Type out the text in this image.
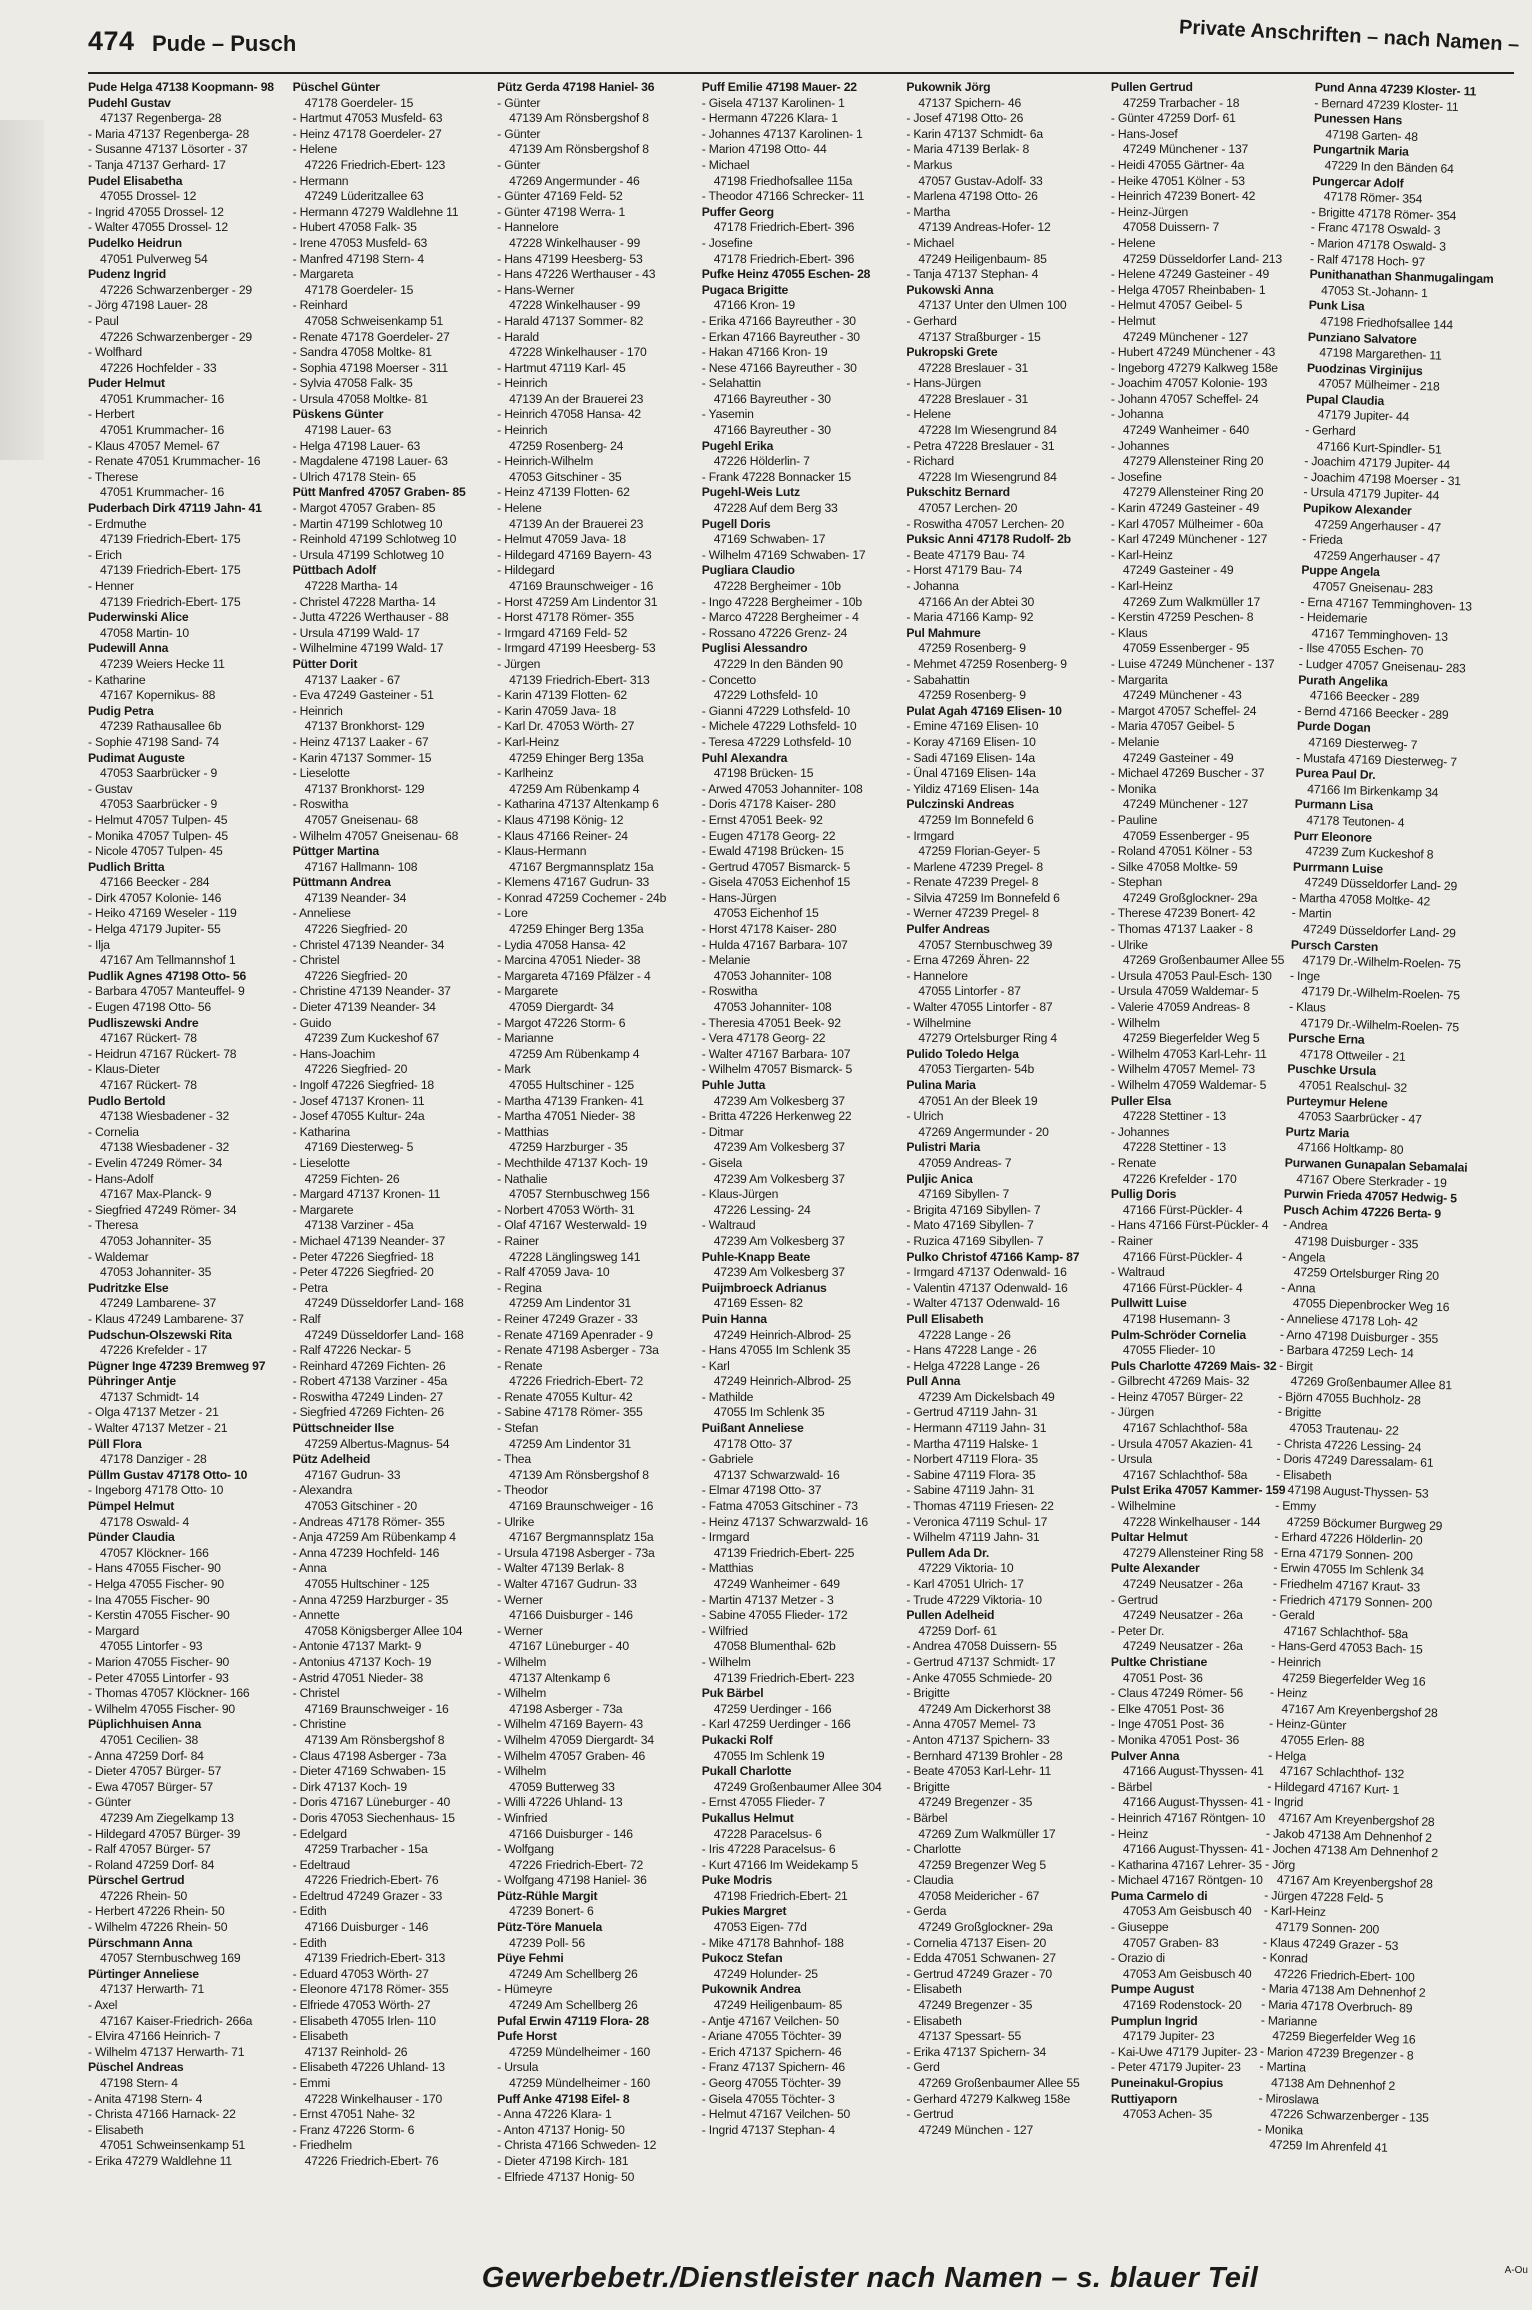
474 Pude – Pusch	Private Anschriften – nach Namen –
Pude Helga 47138 Koopmann- 98
Pudehl Gustav
47137 Regenberga- 28
- Maria 47137 Regenberga- 28
- Susanne 47137 Lösorter - 37
- Tanja 47137 Gerhard- 17
Pudel Elisabetha
47055 Drossel- 12
- Ingrid 47055 Drossel- 12
- Walter 47055 Drossel- 12
Pudelko Heidrun
47051 Pulverweg 54
Pudenz Ingrid
47226 Schwarzenberger - 29
- Jörg 47198 Lauer- 28
- Paul
47226 Schwarzenberger - 29
- Wolfhard
47226 Hochfelder - 33
Puder Helmut
47051 Krummacher- 16
- Herbert
47051 Krummacher- 16
- Klaus 47057 Memel- 67
- Renate 47051 Krummacher- 16
- Therese
47051 Krummacher- 16
Puderbach Dirk 47119 Jahn- 41
- Erdmuthe
47139 Friedrich-Ebert- 175
- Erich
47139 Friedrich-Ebert- 175
- Henner
47139 Friedrich-Ebert- 175
Puderwinski Alice
47058 Martin- 10
Pudewill Anna
47239 Weiers Hecke 11
- Katharine
47167 Kopernikus- 88
Pudig Petra
47239 Rathausallee 6b
- Sophie 47198 Sand- 74
Pudimat Auguste
47053 Saarbrücker - 9
- Gustav
47053 Saarbrücker - 9
- Helmut 47057 Tulpen- 45
- Monika 47057 Tulpen- 45
- Nicole 47057 Tulpen- 45
Pudlich Britta
47166 Beecker - 284
- Dirk 47057 Kolonie- 146
- Heiko 47169 Weseler - 119
- Helga 47179 Jupiter- 55
- Ilja
47167 Am Tellmannshof 1
Pudlik Agnes 47198 Otto- 56
- Barbara 47057 Manteuffel- 9
- Eugen 47198 Otto- 56
Pudliszewski Andre
47167 Rückert- 78
- Heidrun 47167 Rückert- 78
- Klaus-Dieter
47167 Rückert- 78
Pudlo Bertold
47138 Wiesbadener - 32
- Cornelia
47138 Wiesbadener - 32
- Evelin 47249 Römer- 34
- Hans-Adolf
47167 Max-Planck- 9
- Siegfried 47249 Römer- 34
- Theresa
47053 Johanniter- 35
- Waldemar
47053 Johanniter- 35
Pudritzke Else
47249 Lambarene- 37
- Klaus 47249 Lambarene- 37
Pudschun-Olszewski Rita
47226 Krefelder - 17
Pügner Inge 47239 Bremweg 97
Pühringer Antje
47137 Schmidt- 14
- Olga 47137 Metzer - 21
- Walter 47137 Metzer - 21
Püll Flora
47178 Danziger - 28
Püllm Gustav 47178 Otto- 10
- Ingeborg 47178 Otto- 10
Pümpel Helmut
47178 Oswald- 4
Pünder Claudia
47057 Klöckner- 166
- Hans 47055 Fischer- 90
- Helga 47055 Fischer- 90
- Ina 47055 Fischer- 90
- Kerstin 47055 Fischer- 90
- Margard
47055 Lintorfer - 93
- Marion 47055 Fischer- 90
- Peter 47055 Lintorfer - 93
- Thomas 47057 Klöckner- 166
- Wilhelm 47055 Fischer- 90
Püplichhuisen Anna
47051 Cecilien- 38
- Anna 47259 Dorf- 84
- Dieter 47057 Bürger- 57
- Ewa 47057 Bürger- 57
- Günter
47239 Am Ziegelkamp 13
- Hildegard 47057 Bürger- 39
- Ralf 47057 Bürger- 57
- Roland 47259 Dorf- 84
Pürschel Gertrud
47226 Rhein- 50
- Herbert 47226 Rhein- 50
- Wilhelm 47226 Rhein- 50
Pürschmann Anna
47057 Sternbuschweg 169
Pürtinger Anneliese
47137 Herwarth- 71
- Axel
47167 Kaiser-Friedrich- 266a
- Elvira 47166 Heinrich- 7
- Wilhelm 47137 Herwarth- 71
Püschel Andreas
47198 Stern- 4
- Anita 47198 Stern- 4
- Christa 47166 Harnack- 22
- Elisabeth
47051 Schweinsenkamp 51
- Erika 47279 Waldlehne 11
Püschel Günter
47178 Goerdeler- 15
- Hartmut 47053 Musfeld- 63
- Heinz 47178 Goerdeler- 27
- Helene
47226 Friedrich-Ebert- 123
- Hermann
47249 Lüderitzallee 63
- Hermann 47279 Waldlehne 11
- Hubert 47058 Falk- 35
- Irene 47053 Musfeld- 63
- Manfred 47198 Stern- 4
- Margareta
47178 Goerdeler- 15
- Reinhard
47058 Schweisenkamp 51
- Renate 47178 Goerdeler- 27
- Sandra 47058 Moltke- 81
- Sophia 47198 Moerser - 311
- Sylvia 47058 Falk- 35
- Ursula 47058 Moltke- 81
Püskens Günter
47198 Lauer- 63
- Helga 47198 Lauer- 63
- Magdalene 47198 Lauer- 63
- Ulrich 47178 Stein- 65
Pütt Manfred 47057 Graben- 85
- Margot 47057 Graben- 85
- Martin 47199 Schlotweg 10
- Reinhold 47199 Schlotweg 10
- Ursula 47199 Schlotweg 10
Püttbach Adolf
47228 Martha- 14
- Christel 47228 Martha- 14
- Jutta 47226 Werthauser - 88
- Ursula 47199 Wald- 17
- Wilhelmine 47199 Wald- 17
Pütter Dorit
47137 Laaker - 67
- Eva 47249 Gasteiner - 51
- Heinrich
47137 Bronkhorst- 129
- Heinz 47137 Laaker - 67
- Karin 47137 Sommer- 15
- Lieselotte
47137 Bronkhorst- 129
- Roswitha
47057 Gneisenau- 68
- Wilhelm 47057 Gneisenau- 68
Püttger Martina
47167 Hallmann- 108
Püttmann Andrea
47139 Neander- 34
- Anneliese
47226 Siegfried- 20
- Christel 47139 Neander- 34
- Christel
47226 Siegfried- 20
- Christine 47139 Neander- 37
- Dieter 47139 Neander- 34
- Guido
47239 Zum Kuckeshof 67
- Hans-Joachim
47226 Siegfried- 20
- Ingolf 47226 Siegfried- 18
- Josef 47137 Kronen- 11
- Josef 47055 Kultur- 24a
- Katharina
47169 Diesterweg- 5
- Lieselotte
47259 Fichten- 26
- Margard 47137 Kronen- 11
- Margarete
47138 Varziner - 45a
- Michael 47139 Neander- 37
- Peter 47226 Siegfried- 18
- Peter 47226 Siegfried- 20
- Petra
47249 Düsseldorfer Land- 168
- Ralf
47249 Düsseldorfer Land- 168
- Ralf 47226 Neckar- 5
- Reinhard 47269 Fichten- 26
- Robert 47138 Varziner - 45a
- Roswitha 47249 Linden- 27
- Siegfried 47269 Fichten- 26
Püttschneider Ilse
47259 Albertus-Magnus- 54
Pütz Adelheid
47167 Gudrun- 33
- Alexandra
47053 Gitschiner - 20
- Andreas 47178 Römer- 355
- Anja 47259 Am Rübenkamp 4
- Anna 47239 Hochfeld- 146
- Anna
47055 Hultschiner - 125
- Anna 47259 Harzburger - 35
- Annette
47058 Königsberger Allee 104
- Antonie 47137 Markt- 9
- Antonius 47137 Koch- 19
- Astrid 47051 Nieder- 38
- Christel
47169 Braunschweiger - 16
- Christine
47139 Am Rönsbergshof 8
- Claus 47198 Asberger - 73a
- Dieter 47169 Schwaben- 15
- Dirk 47137 Koch- 19
- Doris 47167 Lüneburger - 40
- Doris 47053 Siechenhaus- 15
- Edelgard
47259 Trarbacher - 15a
- Edeltraud
47226 Friedrich-Ebert- 76
- Edeltrud 47249 Grazer - 33
- Edith
47166 Duisburger - 146
- Edith
47139 Friedrich-Ebert- 313
- Eduard 47053 Wörth- 27
- Eleonore 47178 Römer- 355
- Elfriede 47053 Wörth- 27
- Elisabeth 47055 Irlen- 110
- Elisabeth
47137 Reinhold- 26
- Elisabeth 47226 Uhland- 13
- Emmi
47228 Winkelhauser - 170
- Ernst 47051 Nahe- 32
- Franz 47226 Storm- 6
- Friedhelm
47226 Friedrich-Ebert- 76
Pütz Gerda 47198 Haniel- 36
- Günter
47139 Am Rönsbergshof 8
- Günter
47139 Am Rönsbergshof 8
- Günter
47269 Angermunder - 46
- Günter 47169 Feld- 52
- Günter 47198 Werra- 1
- Hannelore
47228 Winkelhauser - 99
- Hans 47199 Heesberg- 53
- Hans 47226 Werthauser - 43
- Hans-Werner
47228 Winkelhauser - 99
- Harald 47137 Sommer- 82
- Harald
47228 Winkelhauser - 170
- Hartmut 47119 Karl- 45
- Heinrich
47139 An der Brauerei 23
- Heinrich 47058 Hansa- 42
- Heinrich
47259 Rosenberg- 24
- Heinrich-Wilhelm
47053 Gitschiner - 35
- Heinz 47139 Flotten- 62
- Helene
47139 An der Brauerei 23
- Helmut 47059 Java- 18
- Hildegard 47169 Bayern- 43
- Hildegard
47169 Braunschweiger - 16
- Horst 47259 Am Lindentor 31
- Horst 47178 Römer- 355
- Irmgard 47169 Feld- 52
- Irmgard 47199 Heesberg- 53
- Jürgen
47139 Friedrich-Ebert- 313
- Karin 47139 Flotten- 62
- Karin 47059 Java- 18
- Karl Dr. 47053 Wörth- 27
- Karl-Heinz
47259 Ehinger Berg 135a
- Karlheinz
47259 Am Rübenkamp 4
- Katharina 47137 Altenkamp 6
- Klaus 47198 König- 12
- Klaus 47166 Reiner- 24
- Klaus-Hermann
47167 Bergmannsplatz 15a
- Klemens 47167 Gudrun- 33
- Konrad 47259 Cochemer - 24b
- Lore
47259 Ehinger Berg 135a
- Lydia 47058 Hansa- 42
- Marcina 47051 Nieder- 38
- Margareta 47169 Pfälzer - 4
- Margarete
47059 Diergardt- 34
- Margot 47226 Storm- 6
- Marianne
47259 Am Rübenkamp 4
- Mark
47055 Hultschiner - 125
- Martha 47139 Franken- 41
- Martha 47051 Nieder- 38
- Matthias
47259 Harzburger - 35
- Mechthilde 47137 Koch- 19
- Nathalie
47057 Sternbuschweg 156
- Norbert 47053 Wörth- 31
- Olaf 47167 Westerwald- 19
- Rainer
47228 Länglingsweg 141
- Ralf 47059 Java- 10
- Regina
47259 Am Lindentor 31
- Reiner 47249 Grazer - 33
- Renate 47169 Apenrader - 9
- Renate 47198 Asberger - 73a
- Renate
47226 Friedrich-Ebert- 72
- Renate 47055 Kultur- 42
- Sabine 47178 Römer- 355
- Stefan
47259 Am Lindentor 31
- Thea
47139 Am Rönsbergshof 8
- Theodor
47169 Braunschweiger - 16
- Ulrike
47167 Bergmannsplatz 15a
- Ursula 47198 Asberger - 73a
- Walter 47139 Berlak- 8
- Walter 47167 Gudrun- 33
- Werner
47166 Duisburger - 146
- Werner
47167 Lüneburger - 40
- Wilhelm
47137 Altenkamp 6
- Wilhelm
47198 Asberger - 73a
- Wilhelm 47169 Bayern- 43
- Wilhelm 47059 Diergardt- 34
- Wilhelm 47057 Graben- 46
- Wilhelm
47059 Butterweg 33
- Willi 47226 Uhland- 13
- Winfried
47166 Duisburger - 146
- Wolfgang
47226 Friedrich-Ebert- 72
- Wolfgang 47198 Haniel- 36
Pütz-Rühle Margit
47239 Bonert- 6
Pütz-Töre Manuela
47239 Poll- 56
Püye Fehmi
47249 Am Schellberg 26
- Hümeyre
47249 Am Schellberg 26
Pufal Erwin 47119 Flora- 28
Pufe Horst
47259 Mündelheimer - 160
- Ursula
47259 Mündelheimer - 160
Puff Anke 47198 Eifel- 8
- Anna 47226 Klara- 1
- Anton 47137 Honig- 50
- Christa 47166 Schweden- 12
- Dieter 47198 Kirch- 181
- Elfriede 47137 Honig- 50
Puff Emilie 47198 Mauer- 22
- Gisela 47137 Karolinen- 1
- Hermann 47226 Klara- 1
- Johannes 47137 Karolinen- 1
- Marion 47198 Otto- 44
- Michael
47198 Friedhofsallee 115a
- Theodor 47166 Schrecker- 11
Puffer Georg
47178 Friedrich-Ebert- 396
- Josefine
47178 Friedrich-Ebert- 396
Pufke Heinz 47055 Eschen- 28
Pugaca Brigitte
47166 Kron- 19
- Erika 47166 Bayreuther - 30
- Erkan 47166 Bayreuther - 30
- Hakan 47166 Kron- 19
- Nese 47166 Bayreuther - 30
- Selahattin
47166 Bayreuther - 30
- Yasemin
47166 Bayreuther - 30
Pugehl Erika
47226 Hölderlin- 7
- Frank 47228 Bonnacker 15
Pugehl-Weis Lutz
47228 Auf dem Berg 33
Pugell Doris
47169 Schwaben- 17
- Wilhelm 47169 Schwaben- 17
Pugliara Claudio
47228 Bergheimer - 10b
- Ingo 47228 Bergheimer - 10b
- Marco 47228 Bergheimer - 4
- Rossano 47226 Grenz- 24
Puglisi Alessandro
47229 In den Bänden 90
- Concetto
47229 Lothsfeld- 10
- Gianni 47229 Lothsfeld- 10
- Michele 47229 Lothsfeld- 10
- Teresa 47229 Lothsfeld- 10
Puhl Alexandra
47198 Brücken- 15
- Arwed 47053 Johanniter- 108
- Doris 47178 Kaiser- 280
- Ernst 47051 Beek- 92
- Eugen 47178 Georg- 22
- Ewald 47198 Brücken- 15
- Gertrud 47057 Bismarck- 5
- Gisela 47053 Eichenhof 15
- Hans-Jürgen
47053 Eichenhof 15
- Horst 47178 Kaiser- 280
- Hulda 47167 Barbara- 107
- Melanie
47053 Johanniter- 108
- Roswitha
47053 Johanniter- 108
- Theresia 47051 Beek- 92
- Vera 47178 Georg- 22
- Walter 47167 Barbara- 107
- Wilhelm 47057 Bismarck- 5
Puhle Jutta
47239 Am Volkesberg 37
- Britta 47226 Herkenweg 22
- Ditmar
47239 Am Volkesberg 37
- Gisela
47239 Am Volkesberg 37
- Klaus-Jürgen
47226 Lessing- 24
- Waltraud
47239 Am Volkesberg 37
Puhle-Knapp Beate
47239 Am Volkesberg 37
Puijmbroeck Adrianus
47169 Essen- 82
Puin Hanna
47249 Heinrich-Albrod- 25
- Hans 47055 Im Schlenk 35
- Karl
47249 Heinrich-Albrod- 25
- Mathilde
47055 Im Schlenk 35
Puißant Anneliese
47178 Otto- 37
- Gabriele
47137 Schwarzwald- 16
- Elmar 47198 Otto- 37
- Fatma 47053 Gitschiner - 73
- Heinz 47137 Schwarzwald- 16
- Irmgard
47139 Friedrich-Ebert- 225
- Matthias
47249 Wanheimer - 649
- Martin 47137 Metzer - 3
- Sabine 47055 Flieder- 172
- Wilfried
47058 Blumenthal- 62b
- Wilhelm
47139 Friedrich-Ebert- 223
Puk Bärbel
47259 Uerdinger - 166
- Karl 47259 Uerdinger - 166
Pukacki Rolf
47055 Im Schlenk 19
Pukall Charlotte
47249 Großenbaumer Allee 304
- Ernst 47055 Flieder- 7
Pukallus Helmut
47228 Paracelsus- 6
- Iris 47228 Paracelsus- 6
- Kurt 47166 Im Weidekamp 5
Puke Modris
47198 Friedrich-Ebert- 21
Pukies Margret
47053 Eigen- 77d
- Mike 47178 Bahnhof- 188
Pukocz Stefan
47249 Holunder- 25
Pukownik Andrea
47249 Heiligenbaum- 85
- Antje 47167 Veilchen- 50
- Ariane 47055 Töchter- 39
- Erich 47137 Spichern- 46
- Franz 47137 Spichern- 46
- Georg 47055 Töchter- 39
- Gisela 47055 Töchter- 3
- Helmut 47167 Veilchen- 50
- Ingrid 47137 Stephan- 4
Pukownik Jörg
47137 Spichern- 46
- Josef 47198 Otto- 26
- Karin 47137 Schmidt- 6a
- Maria 47139 Berlak- 8
- Markus
47057 Gustav-Adolf- 33
- Marlena 47198 Otto- 26
- Martha
47139 Andreas-Hofer- 12
- Michael
47249 Heiligenbaum- 85
- Tanja 47137 Stephan- 4
Pukowski Anna
47137 Unter den Ulmen 100
- Gerhard
47137 Straßburger - 15
Pukropski Grete
47228 Breslauer - 31
- Hans-Jürgen
47228 Breslauer - 31
- Helene
47228 Im Wiesengrund 84
- Petra 47228 Breslauer - 31
- Richard
47228 Im Wiesengrund 84
Pukschitz Bernard
47057 Lerchen- 20
- Roswitha 47057 Lerchen- 20
Puksic Anni 47178 Rudolf- 2b
- Beate 47179 Bau- 74
- Horst 47179 Bau- 74
- Johanna
47166 An der Abtei 30
- Maria 47166 Kamp- 92
Pul Mahmure
47259 Rosenberg- 9
- Mehmet 47259 Rosenberg- 9
- Sabahattin
47259 Rosenberg- 9
Pulat Agah 47169 Elisen- 10
- Emine 47169 Elisen- 10
- Koray 47169 Elisen- 10
- Sadi 47169 Elisen- 14a
- Ünal 47169 Elisen- 14a
- Yildiz 47169 Elisen- 14a
Pulczinski Andreas
47259 Im Bonnefeld 6
- Irmgard
47259 Florian-Geyer- 5
- Marlene 47239 Pregel- 8
- Renate 47239 Pregel- 8
- Silvia 47259 Im Bonnefeld 6
- Werner 47239 Pregel- 8
Pulfer Andreas
47057 Sternbuschweg 39
- Erna 47269 Ähren- 22
- Hannelore
47055 Lintorfer - 87
- Walter 47055 Lintorfer - 87
- Wilhelmine
47279 Ortelsburger Ring 4
Pulido Toledo Helga
47053 Tiergarten- 54b
Pulina Maria
47051 An der Bleek 19
- Ulrich
47269 Angermunder - 20
Pulistri Maria
47059 Andreas- 7
Puljic Anica
47169 Sibyllen- 7
- Brigita 47169 Sibyllen- 7
- Mato 47169 Sibyllen- 7
- Ruzica 47169 Sibyllen- 7
Pulko Christof 47166 Kamp- 87
- Irmgard 47137 Odenwald- 16
- Valentin 47137 Odenwald- 16
- Walter 47137 Odenwald- 16
Pull Elisabeth
47228 Lange - 26
- Hans 47228 Lange - 26
- Helga 47228 Lange - 26
Pull Anna
47239 Am Dickelsbach 49
- Gertrud 47119 Jahn- 31
- Hermann 47119 Jahn- 31
- Martha 47119 Halske- 1
- Norbert 47119 Flora- 35
- Sabine 47119 Flora- 35
- Sabine 47119 Jahn- 31
- Thomas 47119 Friesen- 22
- Veronica 47119 Schul- 17
- Wilhelm 47119 Jahn- 31
Pullem Ada Dr.
47229 Viktoria- 10
- Karl 47051 Ulrich- 17
- Trude 47229 Viktoria- 10
Pullen Adelheid
47259 Dorf- 61
- Andrea 47058 Duissern- 55
- Gertrud 47137 Schmidt- 17
- Anke 47055 Schmiede- 20
- Brigitte
47249 Am Dickerhorst 38
- Anna 47057 Memel- 73
- Anton 47137 Spichern- 33
- Bernhard 47139 Brohler - 28
- Beate 47053 Karl-Lehr- 11
- Brigitte
47249 Bregenzer - 35
- Bärbel
47269 Zum Walkmüller 17
- Charlotte
47259 Bregenzer Weg 5
- Claudia
47058 Meidericher - 67
- Gerda
47249 Großglockner- 29a
- Cornelia 47137 Eisen- 20
- Edda 47051 Schwanen- 27
- Gertrud 47249 Grazer - 70
- Elisabeth
47249 Bregenzer - 35
- Elisabeth
47137 Spessart- 55
- Erika 47137 Spichern- 34
- Gerd
47269 Großenbaumer Allee 55
- Gerhard 47279 Kalkweg 158e
- Gertrud
47249 München - 127
Pullen Gertrud
47259 Trarbacher - 18
- Günter 47259 Dorf- 61
- Hans-Josef
47249 Münchener - 137
- Heidi 47055 Gärtner- 4a
- Heike 47051 Kölner - 53
- Heinrich 47239 Bonert- 42
- Heinz-Jürgen
47058 Duissern- 7
- Helene
47259 Düsseldorfer Land- 213
- Helene 47249 Gasteiner - 49
- Helga 47057 Rheinbaben- 1
- Helmut 47057 Geibel- 5
- Helmut
47249 Münchener - 127
- Hubert 47249 Münchener - 43
- Ingeborg 47279 Kalkweg 158e
- Joachim 47057 Kolonie- 193
- Johann 47057 Scheffel- 24
- Johanna
47249 Wanheimer - 640
- Johannes
47279 Allensteiner Ring 20
- Josefine
47279 Allensteiner Ring 20
- Karin 47249 Gasteiner - 49
- Karl 47057 Mülheimer - 60a
- Karl 47249 Münchener - 127
- Karl-Heinz
47249 Gasteiner - 49
- Karl-Heinz
47269 Zum Walkmüller 17
- Kerstin 47259 Peschen- 8
- Klaus
47059 Essenberger - 95
- Luise 47249 Münchener - 137
- Margarita
47249 Münchener - 43
- Margot 47057 Scheffel- 24
- Maria 47057 Geibel- 5
- Melanie
47249 Gasteiner - 49
- Michael 47269 Buscher - 37
- Monika
47249 Münchener - 127
- Pauline
47059 Essenberger - 95
- Roland 47051 Kölner - 53
- Silke 47058 Moltke- 59
- Stephan
47249 Großglockner- 29a
- Therese 47239 Bonert- 42
- Thomas 47137 Laaker - 8
- Ulrike
47269 Großenbaumer Allee 55
- Ursula 47053 Paul-Esch- 130
- Ursula 47059 Waldemar- 5
- Valerie 47059 Andreas- 8
- Wilhelm
47259 Biegerfelder Weg 5
- Wilhelm 47053 Karl-Lehr- 11
- Wilhelm 47057 Memel- 73
- Wilhelm 47059 Waldemar- 5
Puller Elsa
47228 Stettiner - 13
- Johannes
47228 Stettiner - 13
- Renate
47226 Krefelder - 170
Pullig Doris
47166 Fürst-Pückler- 4
- Hans 47166 Fürst-Pückler- 4
- Rainer
47166 Fürst-Pückler- 4
- Waltraud
47166 Fürst-Pückler- 4
Pullwitt Luise
47198 Husemann- 3
Pulm-Schröder Cornelia
47055 Flieder- 10
Puls Charlotte 47269 Mais- 32
- Gilbrecht 47269 Mais- 32
- Heinz 47057 Bürger- 22
- Jürgen
47167 Schlachthof- 58a
- Ursula 47057 Akazien- 41
- Ursula
47167 Schlachthof- 58a
Pulst Erika 47057 Kammer- 159
- Wilhelmine
47228 Winkelhauser - 144
Pultar Helmut
47279 Allensteiner Ring 58
Pulte Alexander
47249 Neusatzer - 26a
- Gertrud
47249 Neusatzer - 26a
- Peter Dr.
47249 Neusatzer - 26a
Pultke Christiane
47051 Post- 36
- Claus 47249 Römer- 56
- Elke 47051 Post- 36
- Inge 47051 Post- 36
- Monika 47051 Post- 36
Pulver Anna
47166 August-Thyssen- 41
- Bärbel
47166 August-Thyssen- 41
- Heinrich 47167 Röntgen- 10
- Heinz
47166 August-Thyssen- 41
- Katharina 47167 Lehrer- 35
- Michael 47167 Röntgen- 10
Puma Carmelo di
47053 Am Geisbusch 40
- Giuseppe
47057 Graben- 83
- Orazio di
47053 Am Geisbusch 40
Pumpe August
47169 Rodenstock- 20
Pumplun Ingrid
47179 Jupiter- 23
- Kai-Uwe 47179 Jupiter- 23
- Peter 47179 Jupiter- 23
Puneinakul-Gropius
Ruttiyaporn
47053 Achen- 35
Pund Anna 47239 Kloster- 11
- Bernard 47239 Kloster- 11
Punessen Hans
47198 Garten- 48
Pungartnik Maria
47229 In den Bänden 64
Pungercar Adolf
47178 Römer- 354
- Brigitte 47178 Römer- 354
- Franc 47178 Oswald- 3
- Marion 47178 Oswald- 3
- Ralf 47178 Hoch- 97
Punithanathan Shanmugalingam
47053 St.-Johann- 1
Punk Lisa
47198 Friedhofsallee 144
Punziano Salvatore
47198 Margarethen- 11
Puodzinas Virginijus
47057 Mülheimer - 218
Pupal Claudia
47179 Jupiter- 44
- Gerhard
47166 Kurt-Spindler- 51
- Joachim 47179 Jupiter- 44
- Joachim 47198 Moerser - 31
- Ursula 47179 Jupiter- 44
Pupikow Alexander
47259 Angerhauser - 47
- Frieda
47259 Angerhauser - 47
Puppe Angela
47057 Gneisenau- 283
- Erna 47167 Temminghoven- 13
- Heidemarie
47167 Temminghoven- 13
- Ilse 47055 Eschen- 70
- Ludger 47057 Gneisenau- 283
Purath Angelika
47166 Beecker - 289
- Bernd 47166 Beecker - 289
Purde Dogan
47169 Diesterweg- 7
- Mustafa 47169 Diesterweg- 7
Purea Paul Dr.
47166 Im Birkenkamp 34
Purmann Lisa
47178 Teutonen- 4
Purr Eleonore
47239 Zum Kuckeshof 8
Purrmann Luise
47249 Düsseldorfer Land- 29
- Martha 47058 Moltke- 42
- Martin
47249 Düsseldorfer Land- 29
Pursch Carsten
47179 Dr.-Wilhelm-Roelen- 75
- Inge
47179 Dr.-Wilhelm-Roelen- 75
- Klaus
47179 Dr.-Wilhelm-Roelen- 75
Pursche Erna
47178 Ottweiler - 21
Puschke Ursula
47051 Realschul- 32
Purteymur Helene
47053 Saarbrücker - 47
Purtz Maria
47166 Holtkamp- 80
Purwanen Gunapalan Sebamalai
47167 Obere Sterkrader - 19
Purwin Frieda 47057 Hedwig- 5
Pusch Achim 47226 Berta- 9
- Andrea
47198 Duisburger - 335
- Angela
47259 Ortelsburger Ring 20
- Anna
47055 Diepenbrocker Weg 16
- Anneliese 47178 Loh- 42
- Arno 47198 Duisburger - 355
- Barbara 47259 Lech- 14
- Birgit
47269 Großenbaumer Allee 81
- Björn 47055 Buchholz- 28
- Brigitte
47053 Trautenau- 22
- Christa 47226 Lessing- 24
- Doris 47249 Daressalam- 61
- Elisabeth
47198 August-Thyssen- 53
- Emmy
47259 Böckumer Burgweg 29
- Erhard 47226 Hölderlin- 20
- Erna 47179 Sonnen- 200
- Erwin 47055 Im Schlenk 34
- Friedhelm 47167 Kraut- 33
- Friedrich 47179 Sonnen- 200
- Gerald
47167 Schlachthof- 58a
- Hans-Gerd 47053 Bach- 15
- Heinrich
47259 Biegerfelder Weg 16
- Heinz
47167 Am Kreyenbergshof 28
- Heinz-Günter
47055 Erlen- 88
- Helga
47167 Schlachthof- 132
- Hildegard 47167 Kurt- 1
- Ingrid
47167 Am Kreyenbergshof 28
- Jakob 47138 Am Dehnenhof 2
- Jochen 47138 Am Dehnenhof 2
- Jörg
47167 Am Kreyenbergshof 28
- Jürgen 47228 Feld- 5
- Karl-Heinz
47179 Sonnen- 200
- Klaus 47249 Grazer - 53
- Konrad
47226 Friedrich-Ebert- 100
- Maria 47138 Am Dehnenhof 2
- Maria 47178 Overbruch- 89
- Marianne
47259 Biegerfelder Weg 16
- Marion 47239 Bregenzer - 8
- Martina
47138 Am Dehnenhof 2
- Miroslawa
47226 Schwarzenberger - 135
- Monika
47259 Im Ahrenfeld 41
Gewerbebetr./Dienstleister nach Namen – s. blauer Teil	A-Ou
